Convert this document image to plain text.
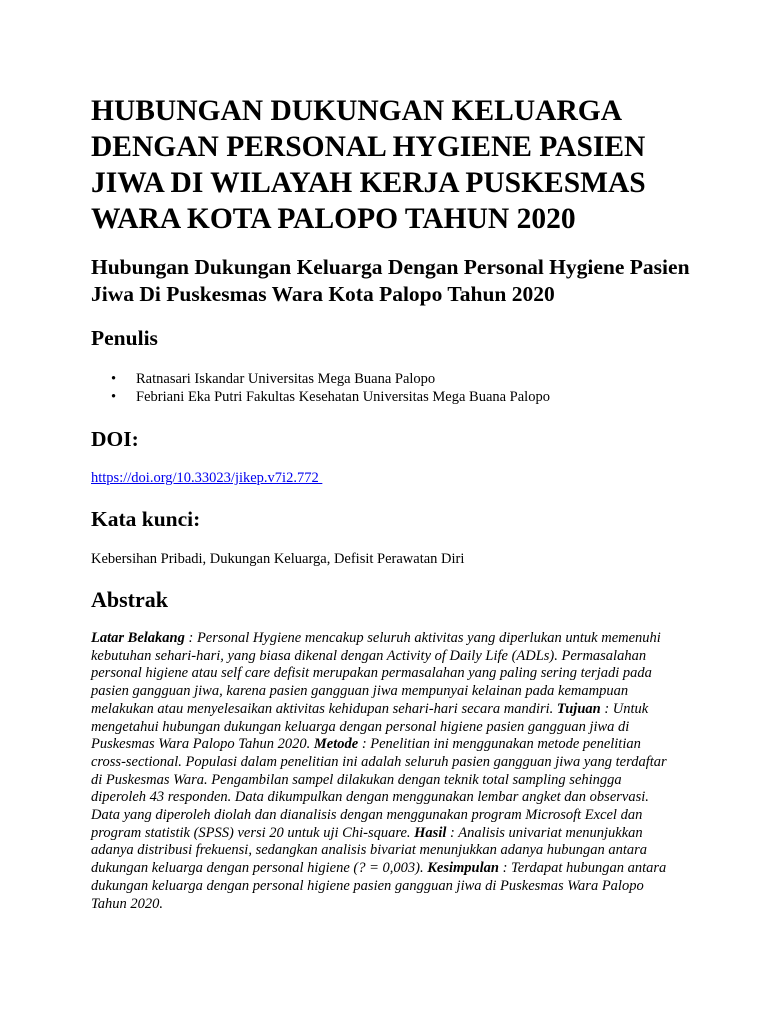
HUBUNGAN DUKUNGAN KELUARGA DENGAN PERSONAL HYGIENE PASIEN JIWA DI WILAYAH KERJA PUSKESMAS WARA KOTA PALOPO TAHUN 2020
Hubungan Dukungan Keluarga Dengan Personal Hygiene Pasien Jiwa Di Puskesmas Wara Kota Palopo Tahun 2020
Penulis
• Ratnasari Iskandar Universitas Mega Buana Palopo
• Febriani Eka Putri Fakultas Kesehatan Universitas Mega Buana Palopo
DOI:
https://doi.org/10.33023/jikep.v7i2.772
Kata kunci:

Kebersihan Pribadi, Dukungan Keluarga, Defisit Perawatan Diri

Abstrak

Latar Belakang : Personal Hygiene mencakup seluruh aktivitas yang diperlukan untuk memenuhi kebutuhan sehari-hari, yang biasa dikenal dengan Activity of Daily Life (ADLs). Permasalahan personal higiene atau self care defisit merupakan permasalahan yang paling sering terjadi pada pasien gangguan jiwa, karena pasien gangguan jiwa mempunyai kelainan pada kemampuan melakukan atau menyelesaikan aktivitas kehidupan sehari-hari secara mandiri. Tujuan : Untuk mengetahui hubungan dukungan keluarga dengan personal higiene pasien gangguan jiwa di Puskesmas Wara Palopo Tahun 2020. Metode : Penelitian ini menggunakan metode penelitian cross-sectional. Populasi dalam penelitian ini adalah seluruh pasien gangguan jiwa yang terdaftar di Puskesmas Wara. Pengambilan sampel dilakukan dengan teknik total sampling sehingga diperoleh 43 responden. Data dikumpulkan dengan menggunakan lembar angket dan observasi. Data yang diperoleh diolah dan dianalisis dengan menggunakan program Microsoft Excel dan program statistik (SPSS) versi 20 untuk uji Chi-square. Hasil : Analisis univariat menunjukkan adanya distribusi frekuensi, sedangkan analisis bivariat menunjukkan adanya hubungan antara dukungan keluarga dengan personal higiene (? = 0,003). Kesimpulan : Terdapat hubungan antara dukungan keluarga dengan personal higiene pasien gangguan jiwa di Puskesmas Wara Palopo Tahun 2020.
